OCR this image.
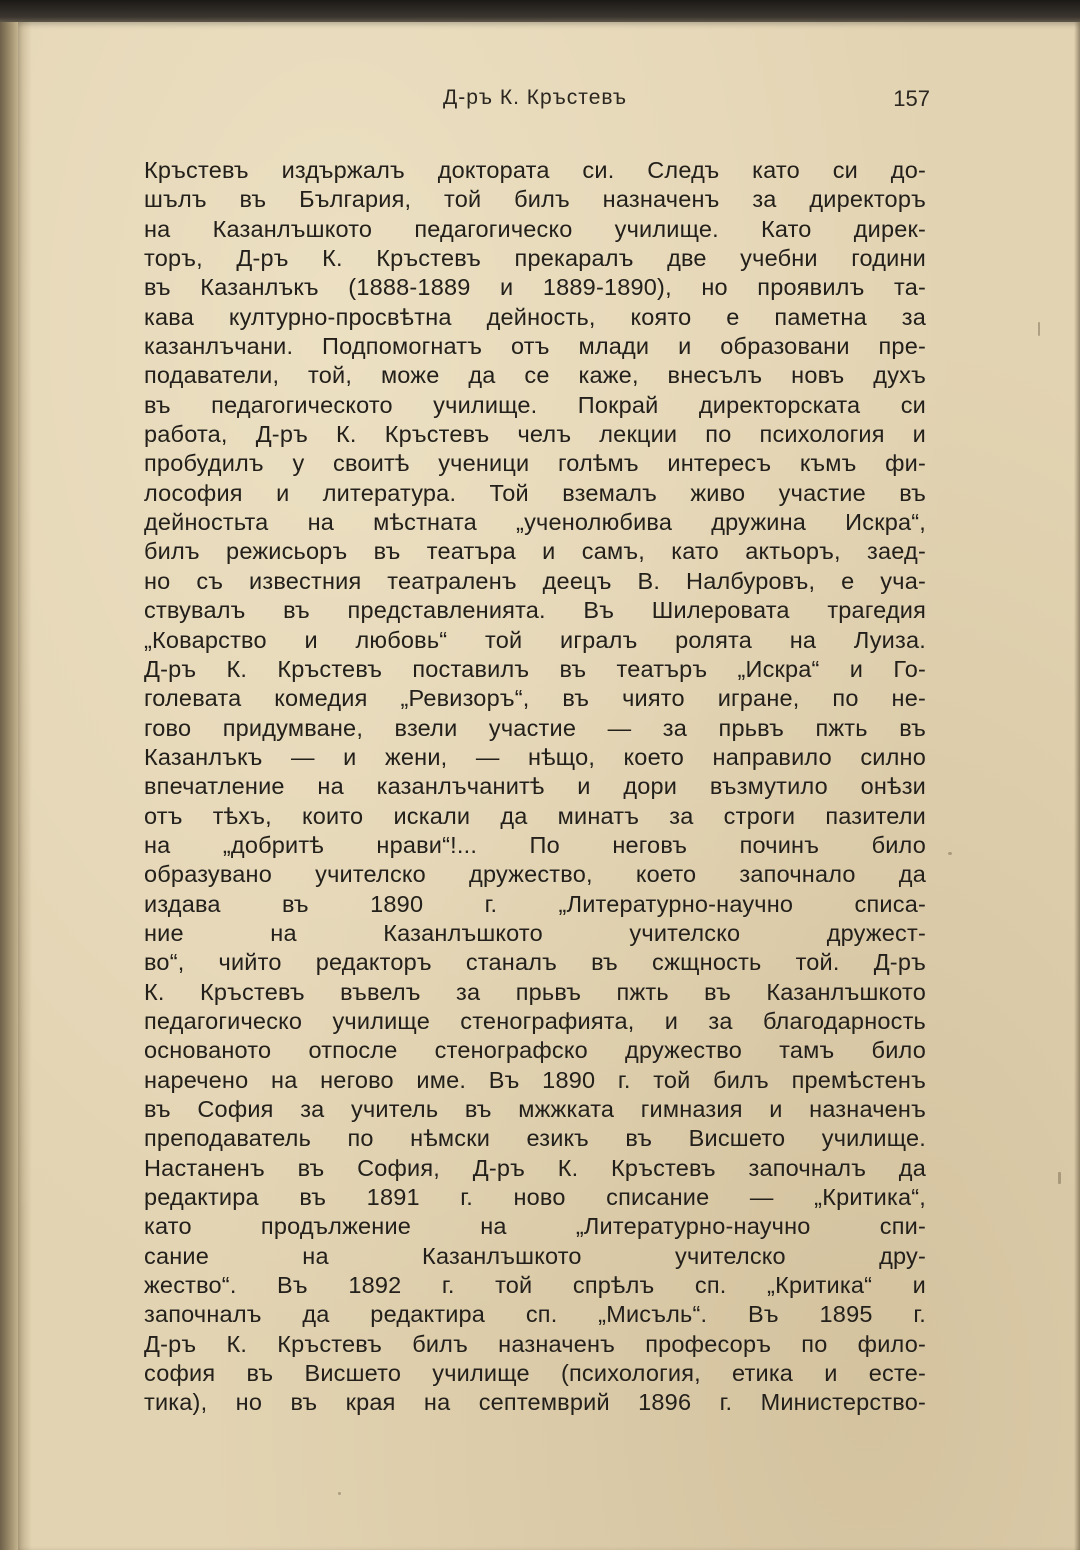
Д-ръ К. Кръстевъ	157
Кръстевъ издържалъ доктората си. Следъ като си до-
шълъ въ България, той билъ назначенъ за директоръ
на Казанлъшкото педагогическо училище. Като дирек-
торъ, Д-ръ К. Кръстевъ прекаралъ две учебни години
въ Казанлъкъ (1888-1889 и 1889-1890), но проявилъ та-
кава културно-просвѣтна дейность, която е паметна за
казанлъчани. Подпомогнатъ отъ млади и образовани пре-
подаватели, той, може да се каже, внесълъ новъ духъ
въ педагогическото училище. Покрай директорската си
работа, Д-ръ К. Кръстевъ челъ лекции по психология и
пробудилъ у своитѣ ученици голѣмъ интересъ къмъ фи-
лософия и литература. Той вземалъ живо участие въ
дейностьта на мѣстната „ученолюбива дружина Искра“,
билъ режисьоръ въ театъра и самъ, като актьоръ, заед-
но съ известния театраленъ деецъ В. Налбуровъ, е уча-
ствувалъ въ представленията. Въ Шилеровата трагедия
„Коварство и любовь“ той игралъ ролята на Луиза.
Д-ръ К. Кръстевъ поставилъ въ театъръ „Искра“ и Го-
голевата комедия „Ревизоръ“, въ чиято игране, по не-
гово придумване, взели участие — за прьвъ пжть въ
Казанлъкъ — и жени, — нѣщо, което направило силно
впечатление на казанлъчанитѣ и дори възмутило онѣзи
отъ тѣхъ, които искали да минатъ за строги пазители
на „добритѣ нрави“!... По неговъ починъ било
образувано учителско дружество, което започнало да
издава въ 1890 г. „Литературно-научно списа-
ние на Казанлъшкото учителско дружест-
во“, чийто редакторъ станалъ въ сжщность той. Д-ръ
К. Кръстевъ въвелъ за прьвъ пжть въ Казанлъшкото
педагогическо училище стенографията, и за благодарность
основаното отпосле стенографско дружество тамъ било
наречено на негово име. Въ 1890 г. той билъ премѣстенъ
въ София за учитель въ мжжката гимназия и назначенъ
преподаватель по нѣмски езикъ въ Висшето училище.
Настаненъ въ София, Д-ръ К. Кръстевъ започналъ да
редактира въ 1891 г. ново списание — „Критика“,
като продължение на „Литературно-научно спи-
сание на Казанлъшкото учителско дру-
жество“. Въ 1892 г. той спрѣлъ сп. „Критика“ и
започналъ да редактира сп. „Мисъль“. Въ 1895 г.
Д-ръ К. Кръстевъ билъ назначенъ професоръ по фило-
софия въ Висшето училище (психология, етика и есте-
тика), но въ края на септемврий 1896 г. Министерство-
